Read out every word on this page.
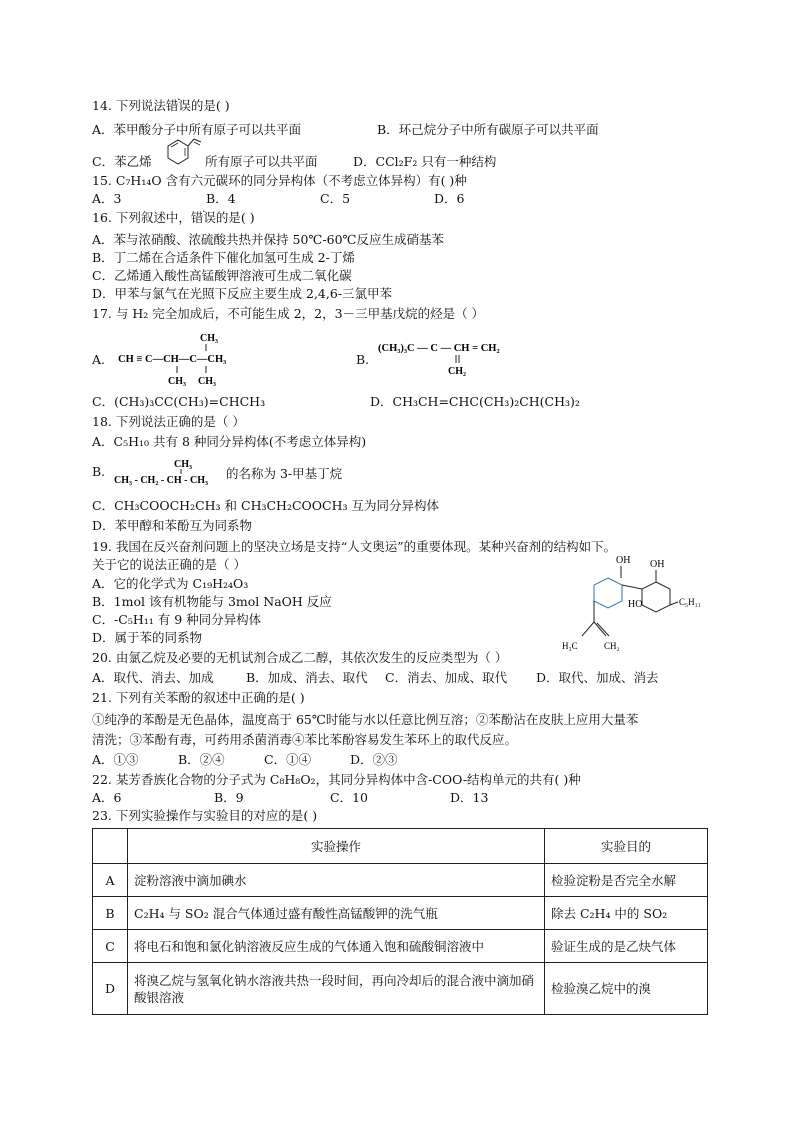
14. 下列说法错误的是( )
A．苯甲酸分子中所有原子可以共平面	B．环己烷分子中所有碳原子可以共平面
C．苯乙烯	所有原子可以共平面	D．CCl₂F₂ 只有一种结构
15. C₇H₁₄O 含有六元碳环的同分异构体（不考虑立体异构）有( )种
A．3	B．4	C．5	D．6
16. 下列叙述中，错误的是( )
A．苯与浓硝酸、浓硫酸共热并保持 50℃-60℃反应生成硝基苯
B．丁二烯在合适条件下催化加氢可生成 2-丁烯
C．乙烯通入酸性高锰酸钾溶液可生成二氧化碳
D．甲苯与氯气在光照下反应主要生成 2,4,6-三氯甲苯
17. 与 H₂ 完全加成后，不可能生成 2，2，3－三甲基戊烷的烃是（ ）
A.
CH₃
CH ≡ C—CH—C—CH₃
CH₃ CH₃
B.
(CH₃)₃C — C — CH = CH₂
CH₂
C．(CH₃)₃CC(CH₃)=CHCH₃	D．CH₃CH=CHC(CH₃)₂CH(CH₃)₂
18. 下列说法正确的是（ ）
A．C₅H₁₀ 共有 8 种同分异构体(不考虑立体异构)
B.	CH₃
CH₃ - CH₂ - CH - CH₃ 的名称为 3-甲基丁烷
C．CH₃COOCH₂CH₃ 和 CH₃CH₂COOCH₃ 互为同分异构体
D．苯甲醇和苯酚互为同系物
19. 我国在反兴奋剂问题上的坚决立场是支持“人文奥运”的重要体现。某种兴奋剂的结构如下。
关于它的说法正确的是（ ）
A．它的化学式为 C₁₉H₂₄O₃
B．1mol 该有机物能与 3mol NaOH 反应
C．-C₅H₁₁ 有 9 种同分异构体
D．属于苯的同系物
OH OH
HO	C₅H₁₁
H₃C	CH₂
20. 由氯乙烷及必要的无机试剂合成乙二醇，其依次发生的反应类型为（ ）
A．取代、消去、加成	B．加成、消去、取代 C．消去、加成、取代 D．取代、加成、消去
21. 下列有关苯酚的叙述中正确的是( )
①纯净的苯酚是无色晶体，温度高于 65℃时能与水以任意比例互溶；②苯酚沾在皮肤上应用大量苯
清洗；③苯酚有毒，可药用杀菌消毒④苯比苯酚容易发生苯环上的取代反应。
A．①③	B．②④	C．①④	D．②③
22. 某芳香族化合物的分子式为 C₈H₈O₂，其同分异构体中含-COO-结构单元的共有( )种
A．6	B．9	C．10	D．13
23. 下列实验操作与实验目的对应的是( )
	实验操作	实验目的
A	淀粉溶液中滴加碘水	检验淀粉是否完全水解
B	C₂H₄ 与 SO₂ 混合气体通过盛有酸性高锰酸钾的洗气瓶	除去 C₂H₄ 中的 SO₂
C	将电石和饱和氯化钠溶液反应生成的气体通入饱和硫酸铜溶液中	验证生成的是乙炔气体
D	将溴乙烷与氢氧化钠水溶液共热一段时间，再向冷却后的混合液中滴加硝酸银溶液	检验溴乙烷中的溴
